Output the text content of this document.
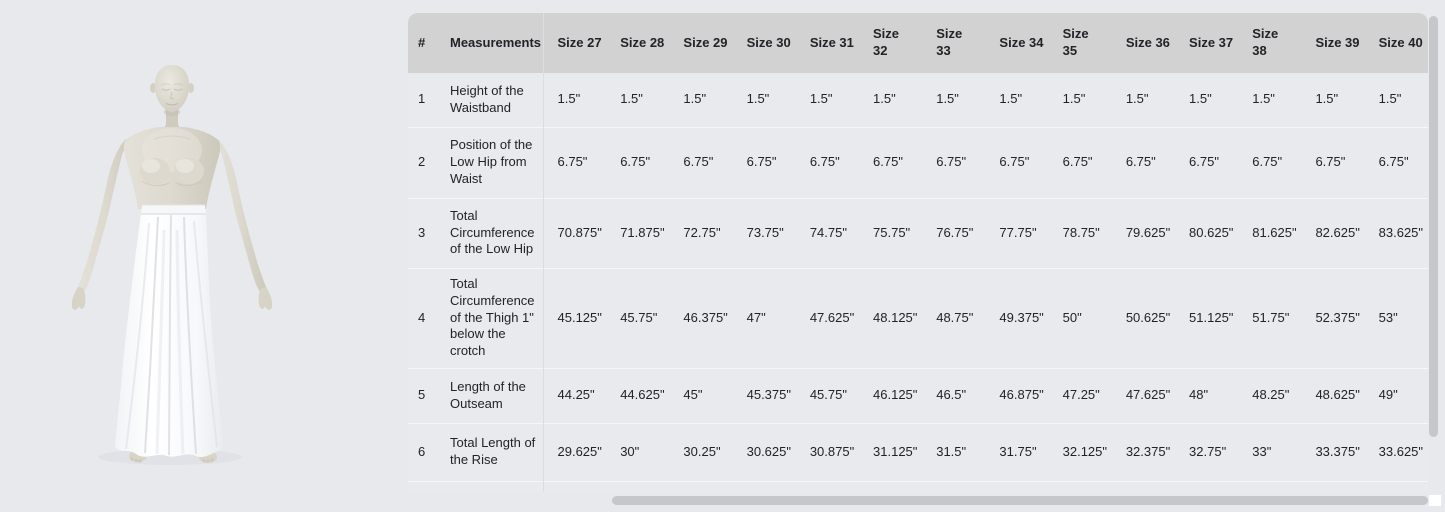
#	Measurements	Size 27	Size 28	Size 29	Size 30	Size 31	Size 32	Size 33	Size 34	Size 35	Size 36	Size 37	Size 38	Size 39	Size 40
1	Height of the Waistband	1.5"	1.5"	1.5"	1.5"	1.5"	1.5"	1.5"	1.5"	1.5"	1.5"	1.5"	1.5"	1.5"	1.5"
2	Position of the Low Hip from Waist	6.75"	6.75"	6.75"	6.75"	6.75"	6.75"	6.75"	6.75"	6.75"	6.75"	6.75"	6.75"	6.75"	6.75"
3	Total Circumference of the Low Hip	70.875"	71.875"	72.75"	73.75"	74.75"	75.75"	76.75"	77.75"	78.75"	79.625"	80.625"	81.625"	82.625"	83.625"
4	Total Circumference of the Thigh 1" below the crotch	45.125"	45.75"	46.375"	47"	47.625"	48.125"	48.75"	49.375"	50"	50.625"	51.125"	51.75"	52.375"	53"
5	Length of the Outseam	44.25"	44.625"	45"	45.375"	45.75"	46.125"	46.5"	46.875"	47.25"	47.625"	48"	48.25"	48.625"	49"
6	Total Length of the Rise	29.625"	30"	30.25"	30.625"	30.875"	31.125"	31.5"	31.75"	32.125"	32.375"	32.75"	33"	33.375"	33.625"
